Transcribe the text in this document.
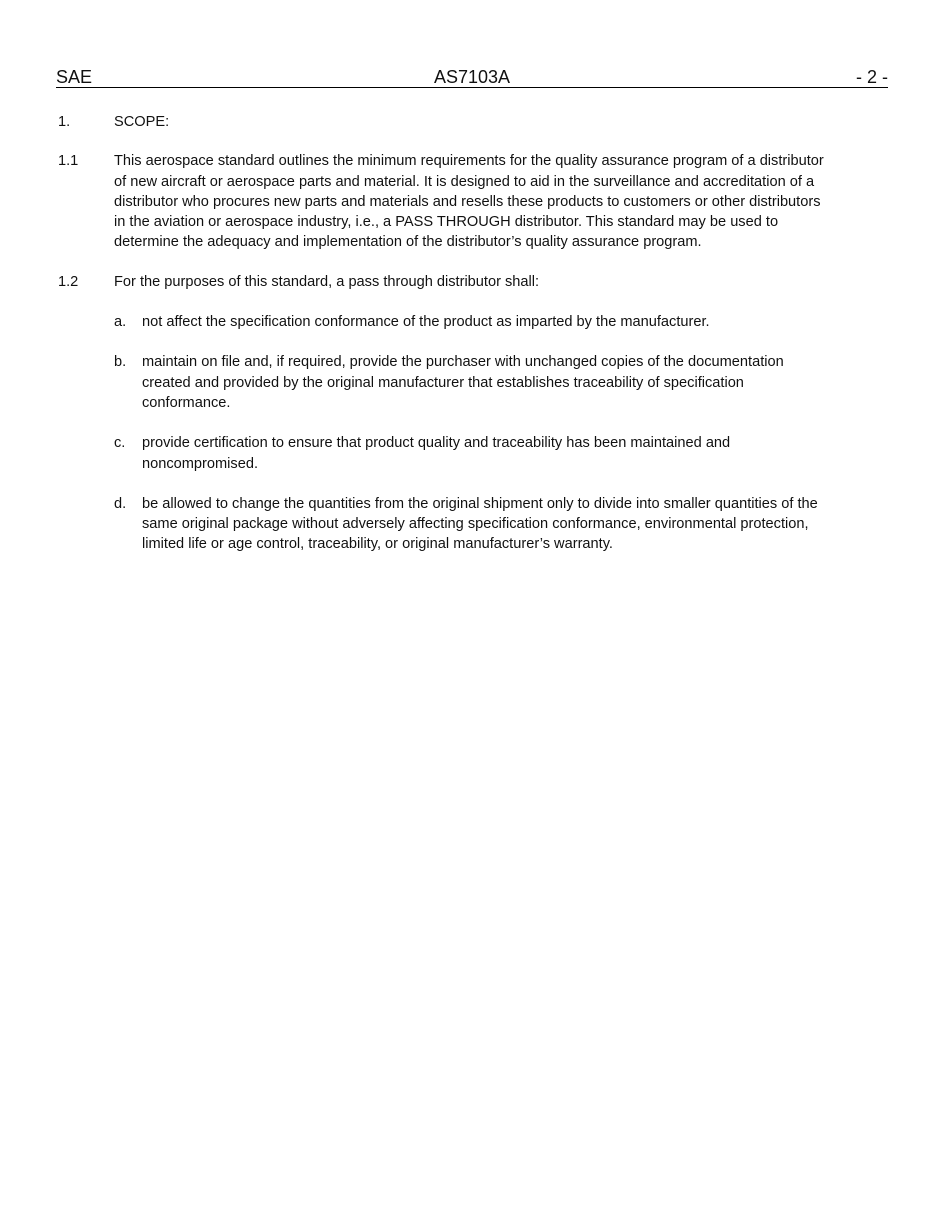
SAE	AS7103A	- 2 -
1.	SCOPE:
1.1 This aerospace standard outlines the minimum requirements for the quality assurance program of a distributor of new aircraft or aerospace parts and material. It is designed to aid in the surveillance and accreditation of a distributor who procures new parts and materials and resells these products to customers or other distributors in the aviation or aerospace industry, i.e., a PASS THROUGH distributor. This standard may be used to determine the adequacy and implementation of the distributor’s quality assurance program.
1.2 For the purposes of this standard, a pass through distributor shall:
a. not affect the specification conformance of the product as imparted by the manufacturer.
b. maintain on file and, if required, provide the purchaser with unchanged copies of the documentation created and provided by the original manufacturer that establishes traceability of specification conformance.
c. provide certification to ensure that product quality and traceability has been maintained and noncompromised.
d. be allowed to change the quantities from the original shipment only to divide into smaller quantities of the same original package without adversely affecting specification conformance, environmental protection, limited life or age control, traceability, or original manufacturer’s warranty.
